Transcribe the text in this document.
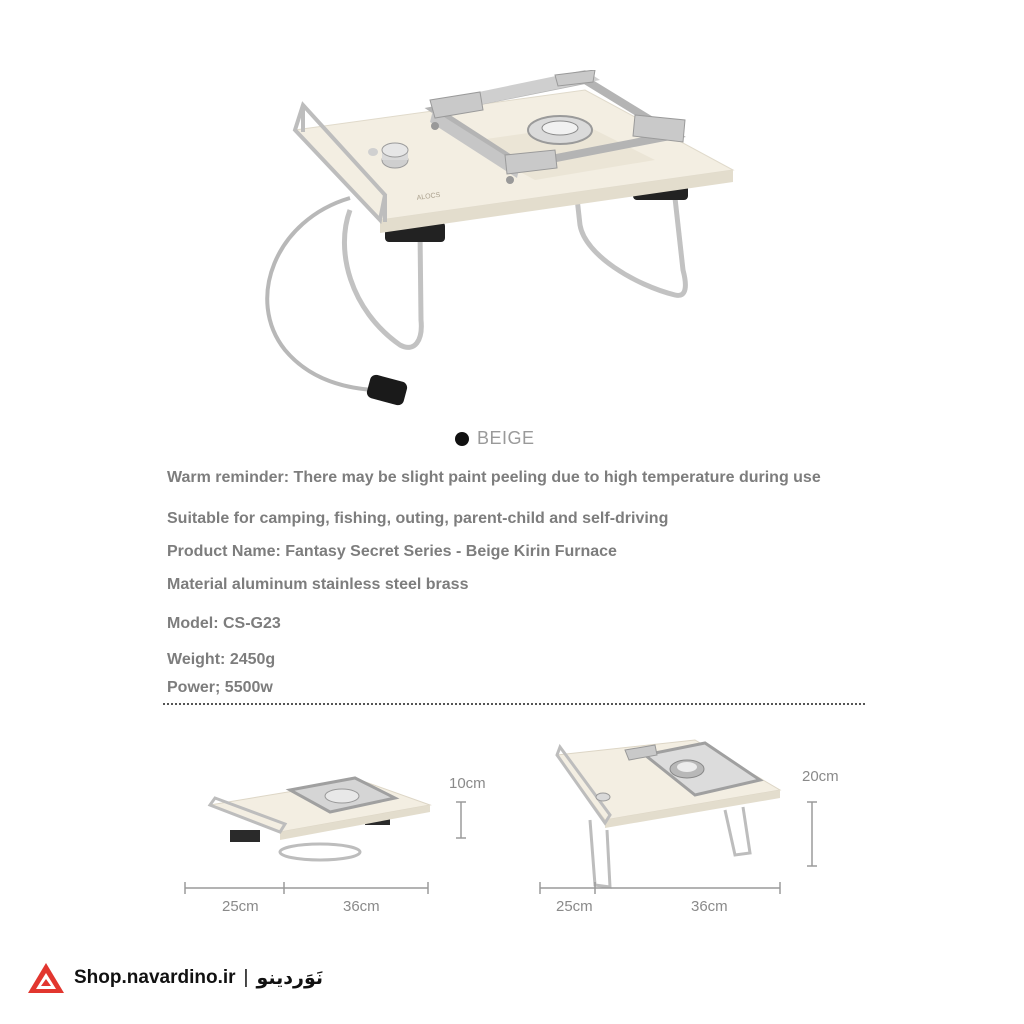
ALOCS
BEIGE
Warm reminder: There may be slight paint peeling due to high temperature during use
Suitable for camping, fishing, outing, parent-child and self-driving
Product Name: Fantasy Secret Series - Beige Kirin Furnace
Material aluminum stainless steel brass
Model: CS-G23
Weight: 2450g
Power; 5500w
10cm
25cm	36cm
20cm
25cm	36cm
Shop.navardino.ir | نَوَردینو
